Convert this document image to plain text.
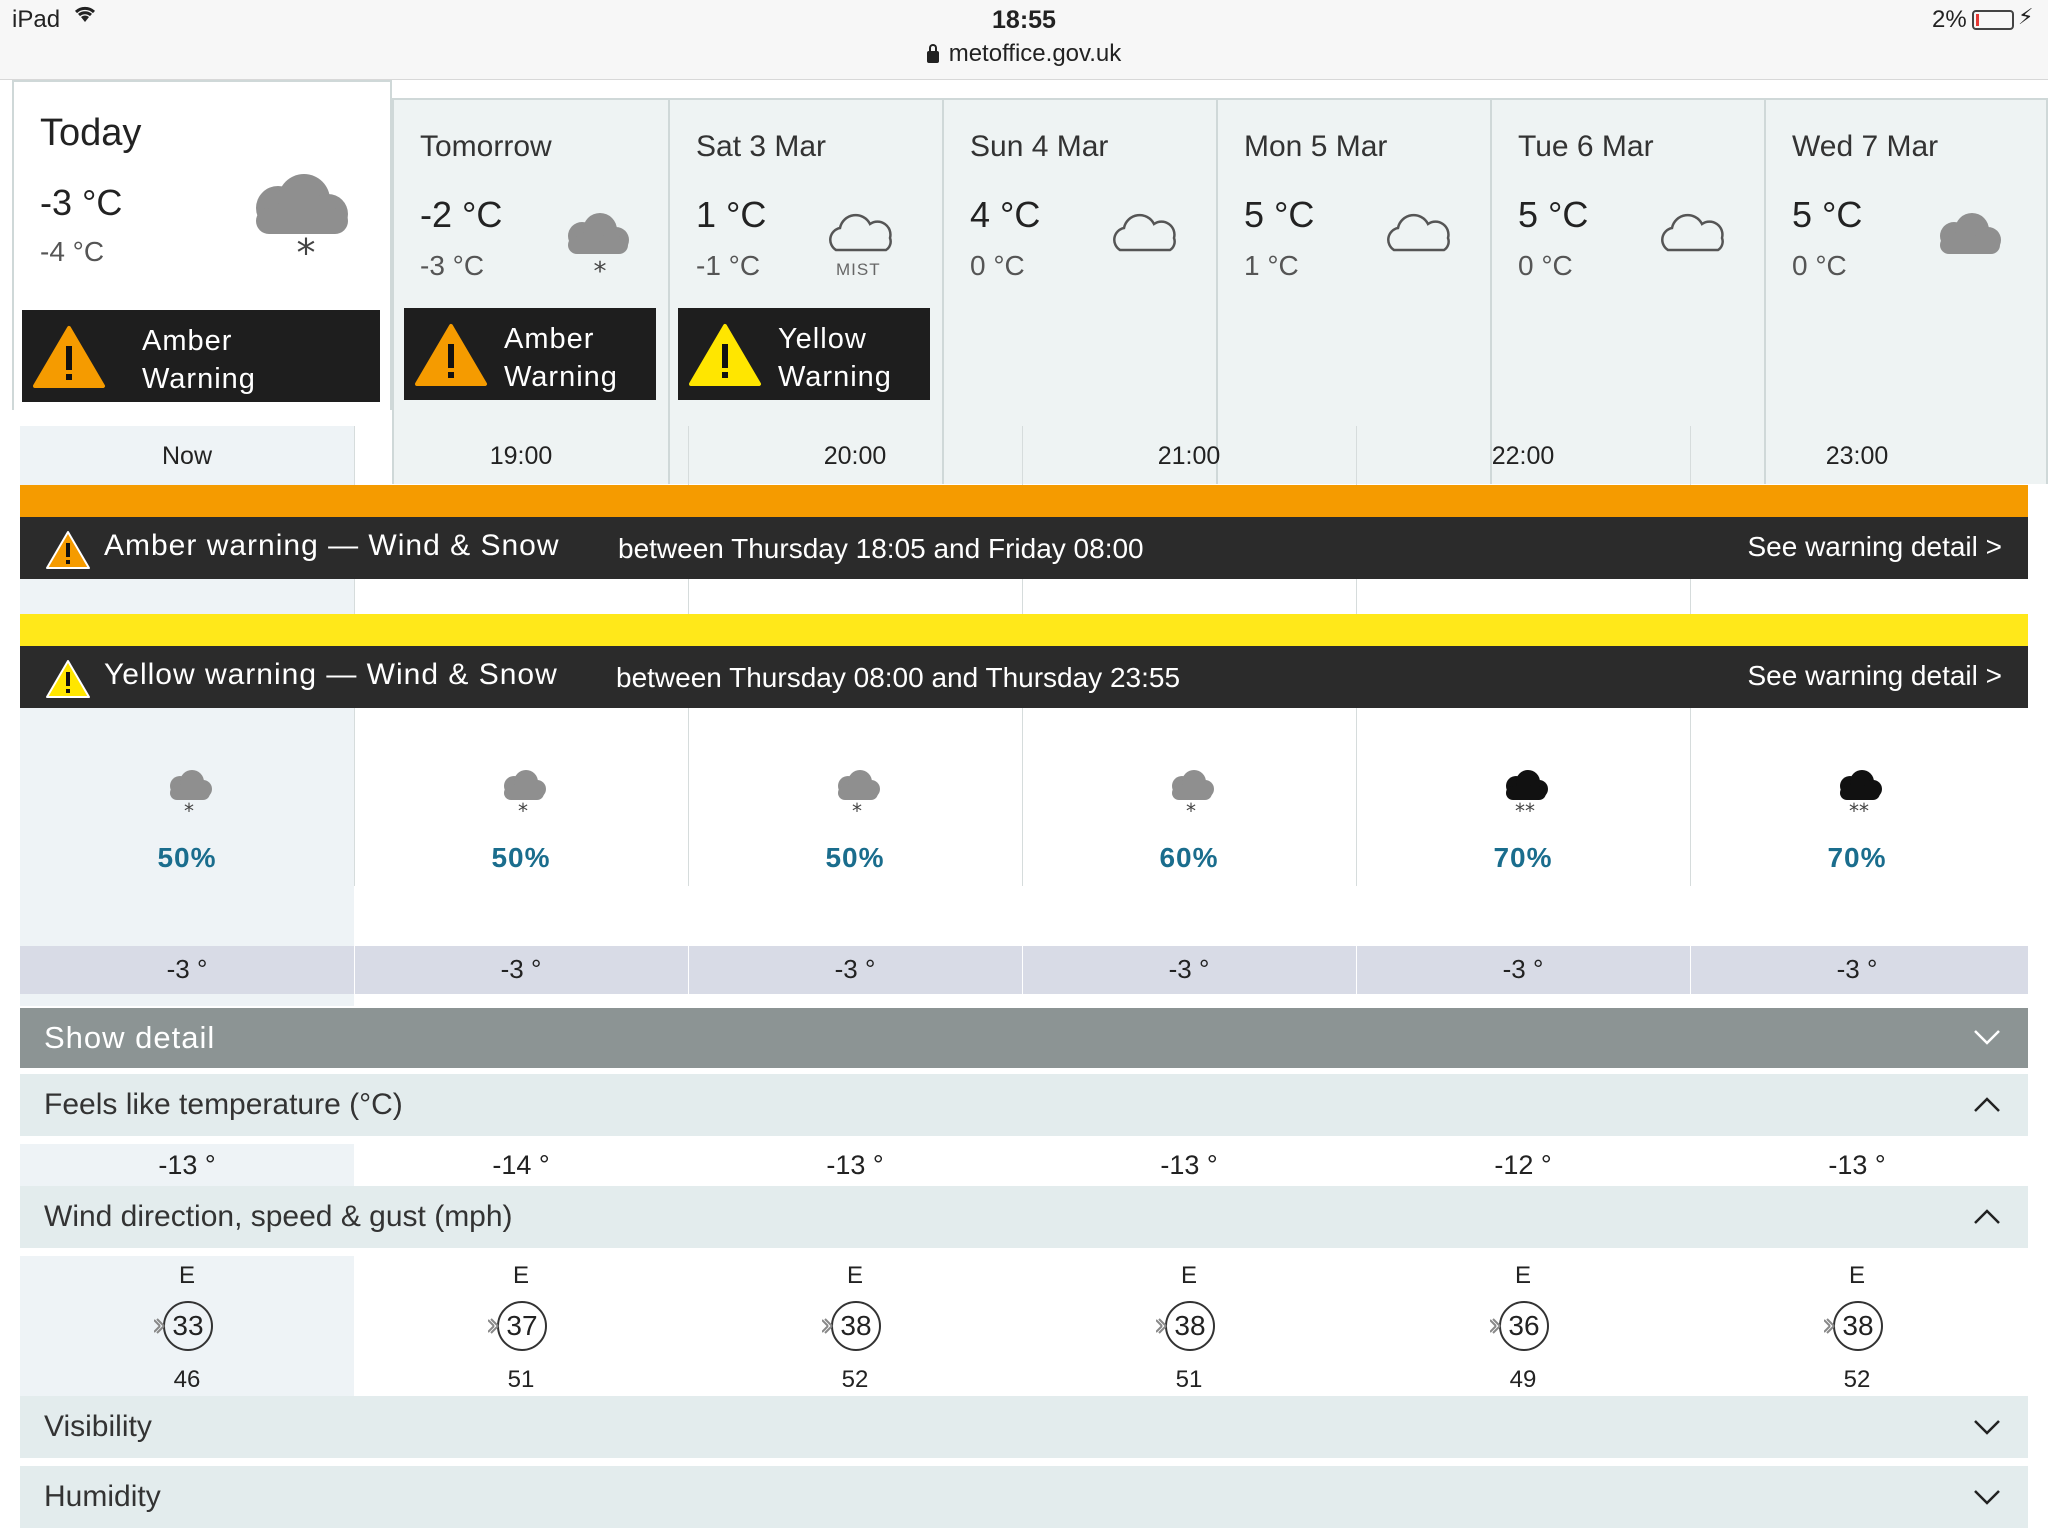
iPad	18:55
metoffice.gov.uk
2% ⚡
Today
-3 °C
-4 °C	*
Amber
Warning
Tomorrow
-2 °C
-3 °C	*
Amber
Warning
Sat 3 Mar
1 °C
-1 °C	MIST
Yellow
Warning
Sun 4 Mar
4 °C
0 °C
Mon 5 Mar
5 °C
1 °C
Tue 6 Mar
5 °C
0 °C
Wed 7 Mar
5 °C
0 °C
Now	19:00	20:00	21:00	22:00	23:00
Amber warning — Wind & Snow between Thursday 18:05 and Friday 08:00	See warning detail >
Yellow warning — Wind & Snow between Thursday 08:00 and Thursday 23:55	See warning detail >
*	*	*	*	**	**
50%	50%	50%	60%	70%	70%
-3 °	-3 °	-3 °	-3 °	-3 °	-3 °
Show detail
Feels like temperature (°C)
-13 °	-14 °	-13 °	-13 °	-12 °	-13 °
Wind direction, speed & gust (mph)
E	E	E	E	E	E
33	37	38	38	36	38
46	51	52	51	49	52
Visibility
Humidity
